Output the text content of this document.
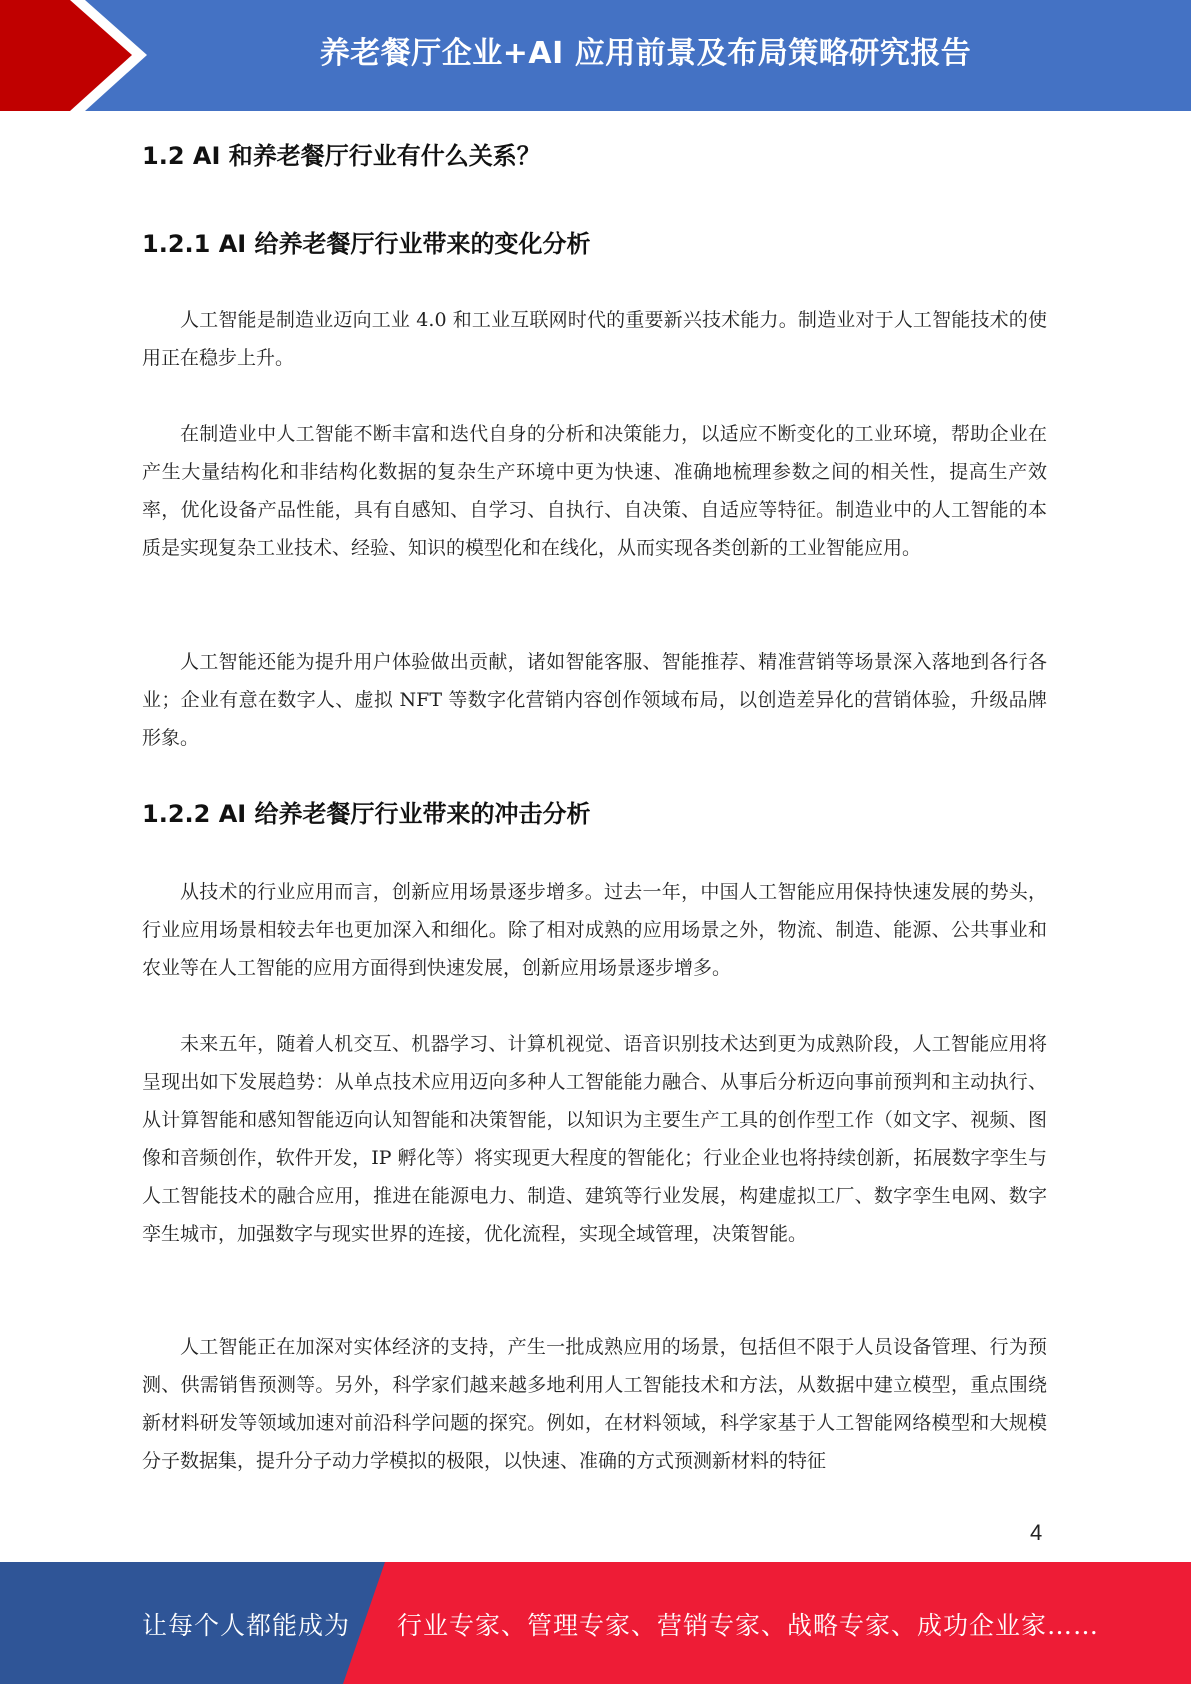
养老餐厅企业+AI 应用前景及布局策略研究报告
1.2 AI 和养老餐厅行业有什么关系？
1.2.1 AI 给养老餐厅行业带来的变化分析

人工智能是制造业迈向工业 4.0 和工业互联网时代的重要新兴技术能力。制造业对于人工智能技术的使用正在稳步上升。

在制造业中人工智能不断丰富和迭代自身的分析和决策能力，以适应不断变化的工业环境，帮助企业在产生大量结构化和非结构化数据的复杂生产环境中更为快速、准确地梳理参数之间的相关性，提高生产效率，优化设备产品性能，具有自感知、自学习、自执行、自决策、自适应等特征。制造业中的人工智能的本质是实现复杂工业技术、经验、知识的模型化和在线化，从而实现各类创新的工业智能应用。

人工智能还能为提升用户体验做出贡献，诸如智能客服、智能推荐、精准营销等场景深入落地到各行各业；企业有意在数字人、虚拟 NFT 等数字化营销内容创作领域布局，以创造差异化的营销体验，升级品牌形象。

1.2.2 AI 给养老餐厅行业带来的冲击分析

从技术的行业应用而言，创新应用场景逐步增多。过去一年，中国人工智能应用保持快速发展的势头，行业应用场景相较去年也更加深入和细化。除了相对成熟的应用场景之外，物流、制造、能源、公共事业和农业等在人工智能的应用方面得到快速发展，创新应用场景逐步增多。

未来五年，随着人机交互、机器学习、计算机视觉、语音识别技术达到更为成熟阶段，人工智能应用将呈现出如下发展趋势：从单点技术应用迈向多种人工智能能力融合、从事后分析迈向事前预判和主动执行、从计算智能和感知智能迈向认知智能和决策智能，以知识为主要生产工具的创作型工作（如文字、视频、图像和音频创作，软件开发，IP 孵化等）将实现更大程度的智能化；行业企业也将持续创新，拓展数字孪生与人工智能技术的融合应用，推进在能源电力、制造、建筑等行业发展，构建虚拟工厂、数字孪生电网、数字孪生城市，加强数字与现实世界的连接，优化流程，实现全域管理，决策智能。

人工智能正在加深对实体经济的支持，产生一批成熟应用的场景，包括但不限于人员设备管理、行为预测、供需销售预测等。另外，科学家们越来越多地利用人工智能技术和方法，从数据中建立模型，重点围绕新材料研发等领域加速对前沿科学问题的探究。例如，在材料领域，科学家基于人工智能网络模型和大规模分子数据集，提升分子动力学模拟的极限，以快速、准确的方式预测新材料的特征

4
让每个人都能成为 行业专家、管理专家、营销专家、战略专家、成功企业家……
